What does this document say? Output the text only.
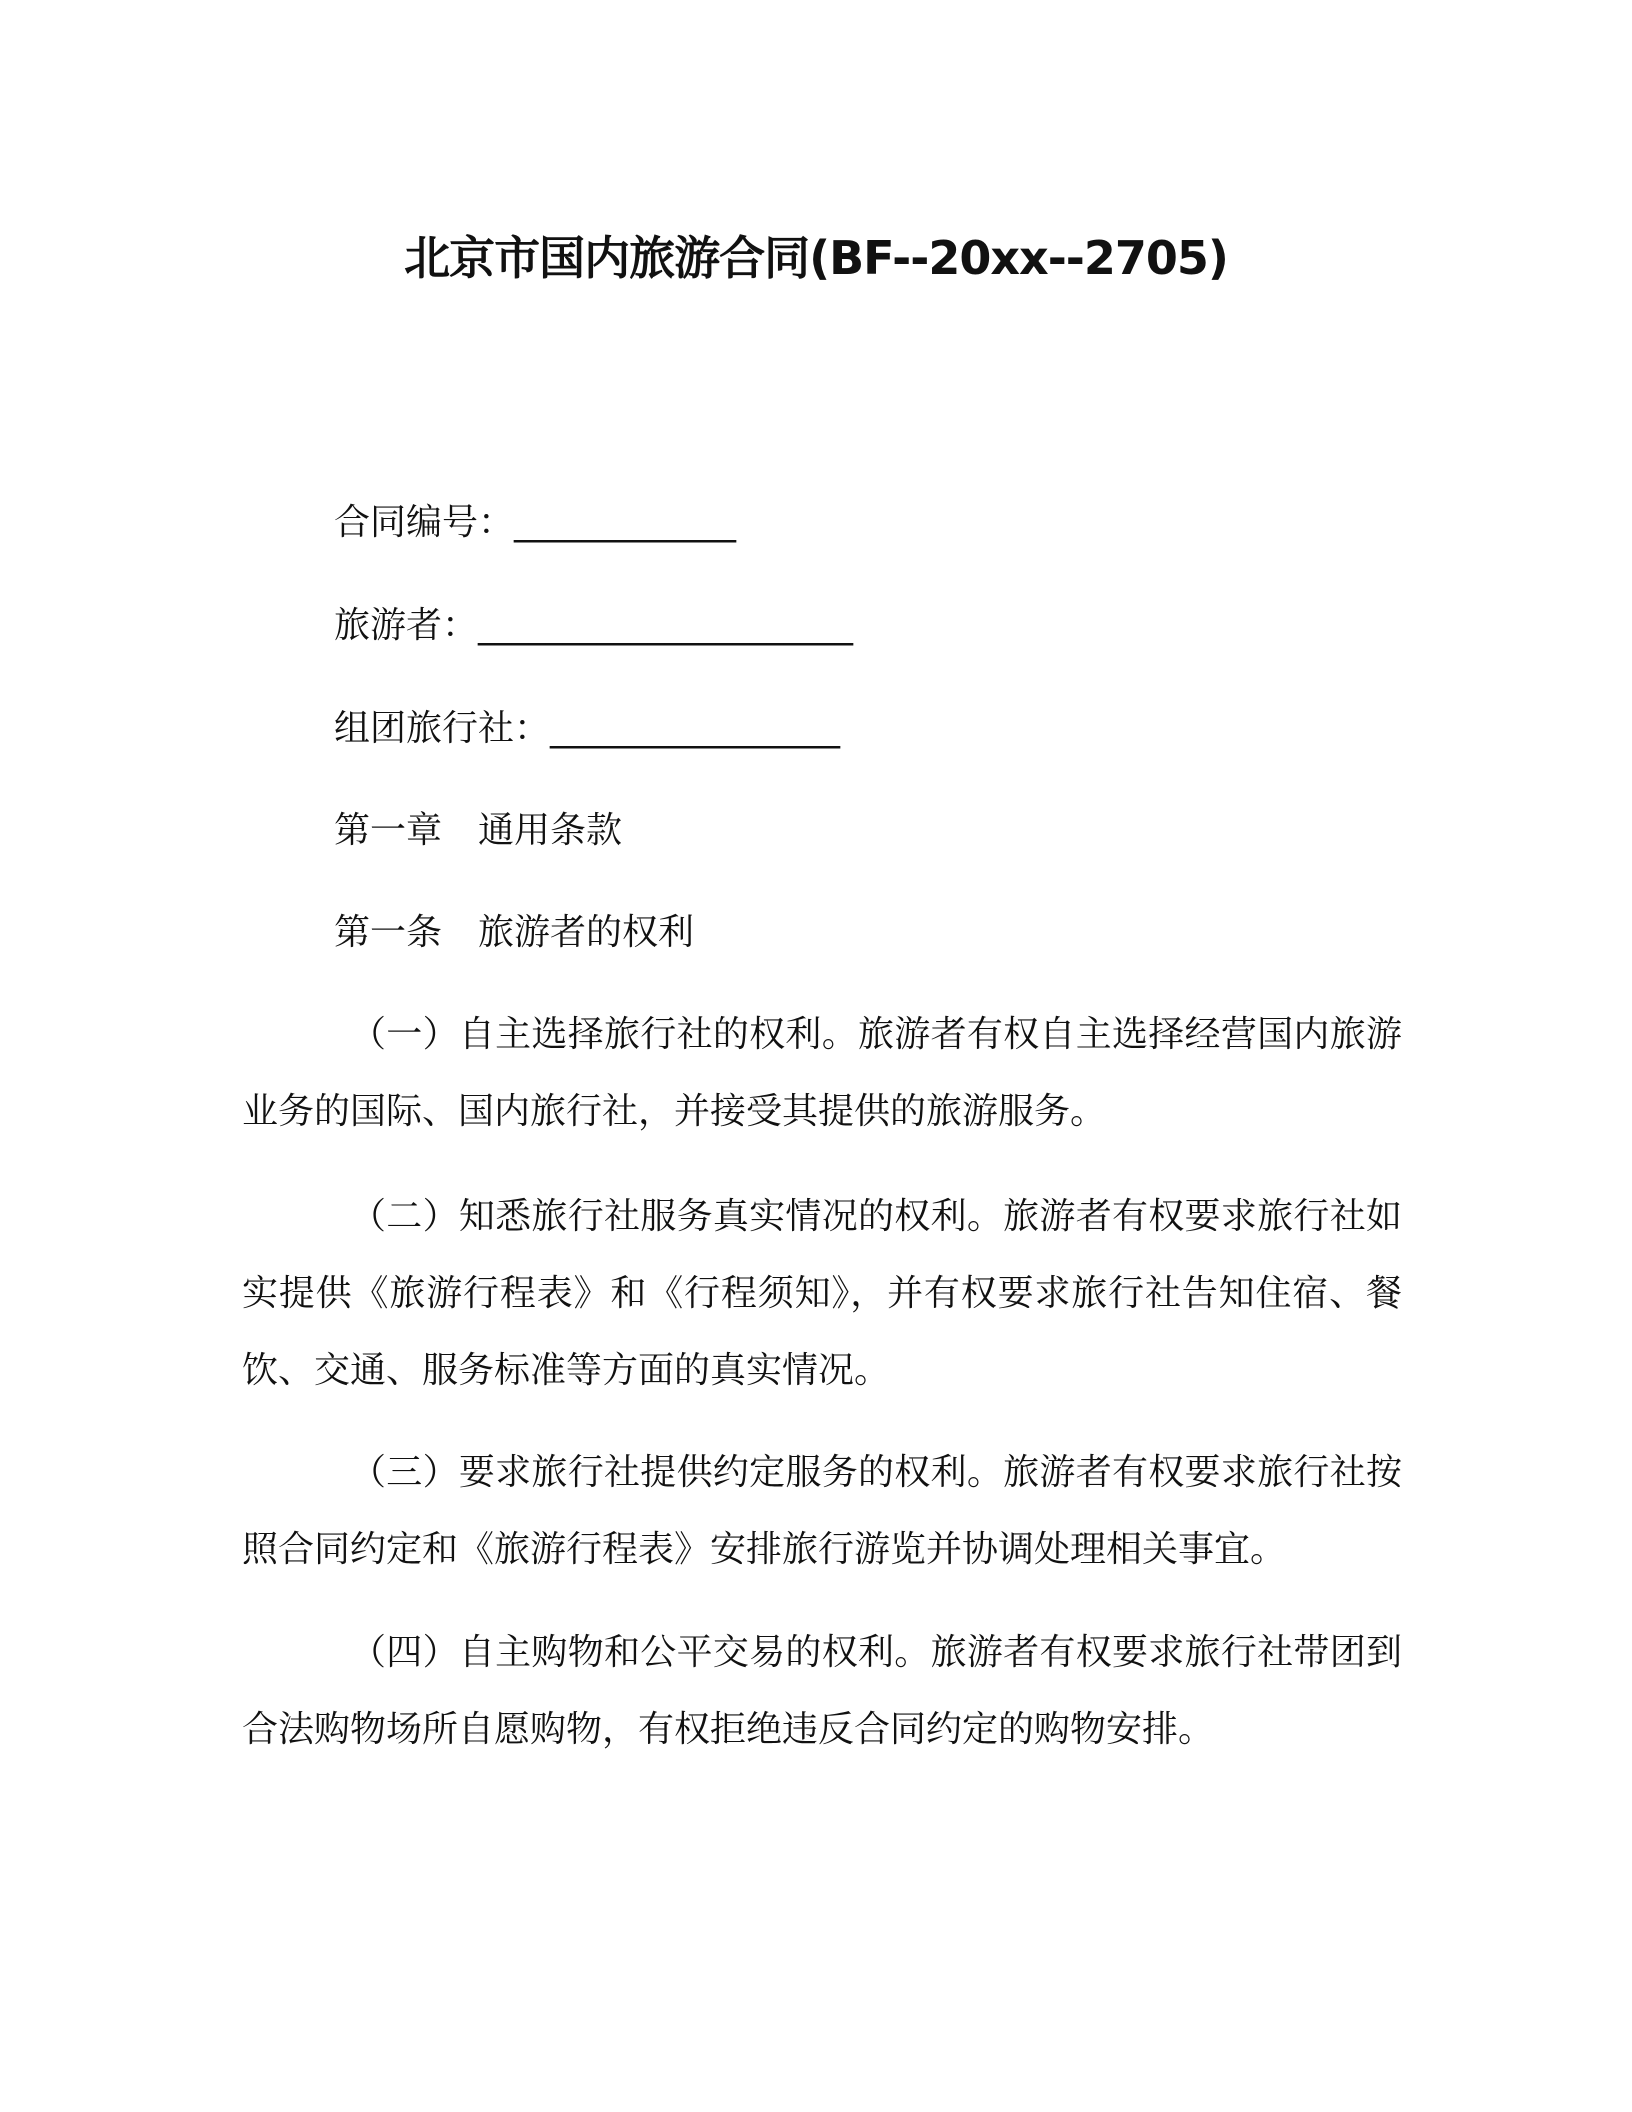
北京市国内旅游合同(BF--20xx--2705)

合同编号：_____________

旅游者：______________________

组团旅行社：_________________

第一章　通用条款

第一条　旅游者的权利

（一）自主选择旅行社的权利。旅游者有权自主选择经营国内旅游业务的国际、国内旅行社，并接受其提供的旅游服务。

（二）知悉旅行社服务真实情况的权利。旅游者有权要求旅行社如实提供《旅游行程表》和《行程须知》，并有权要求旅行社告知住宿、餐饮、交通、服务标准等方面的真实情况。

（三）要求旅行社提供约定服务的权利。旅游者有权要求旅行社按照合同约定和《旅游行程表》安排旅行游览并协调处理相关事宜。

（四）自主购物和公平交易的权利。旅游者有权要求旅行社带团到合法购物场所自愿购物，有权拒绝违反合同约定的购物安排。
